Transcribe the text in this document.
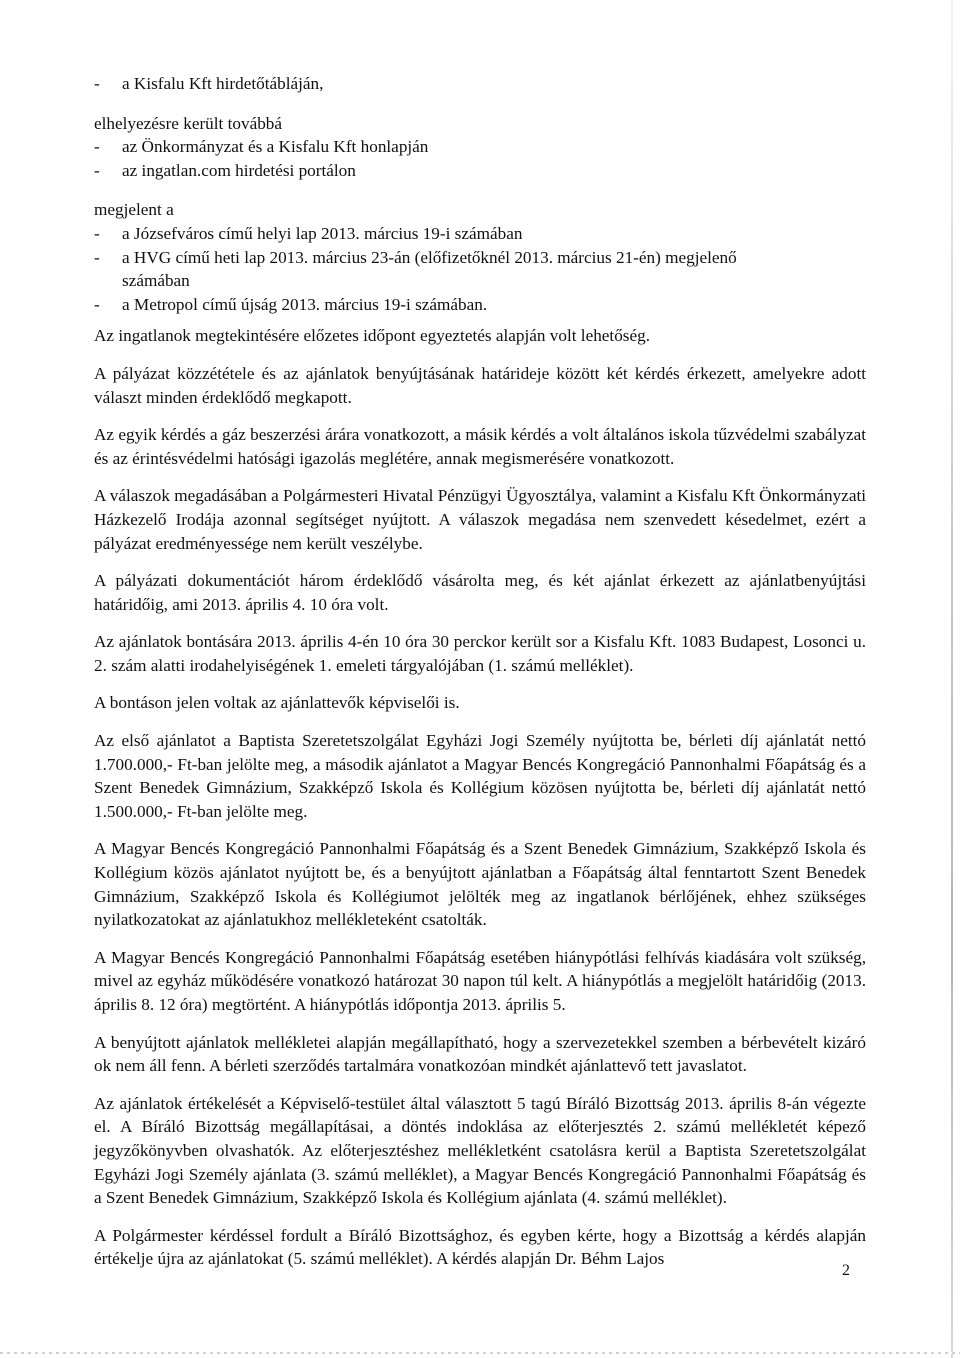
- a Kisfalu Kft hirdetőtábláján,
elhelyezésre került továbbá
- az Önkormányzat és a Kisfalu Kft honlapján
- az ingatlan.com hirdetési portálon
megjelent a
- a Józsefváros című helyi lap 2013. március 19-i számában
- a HVG című heti lap 2013. március 23-án (előfizetőknél 2013. március 21-én) megjelenő
számában
- a Metropol című újság 2013. március 19-i számában.

Az ingatlanok megtekintésére előzetes időpont egyeztetés alapján volt lehetőség.

A pályázat közzététele és az ajánlatok benyújtásának határideje között két kérdés érkezett, amelyekre adott választ minden érdeklődő megkapott.

Az egyik kérdés a gáz beszerzési árára vonatkozott, a másik kérdés a volt általános iskola tűzvédelmi szabályzat és az érintésvédelmi hatósági igazolás meglétére, annak megismerésére vonatkozott.

A válaszok megadásában a Polgármesteri Hivatal Pénzügyi Ügyosztálya, valamint a Kisfalu Kft Önkormányzati Házkezelő Irodája azonnal segítséget nyújtott. A válaszok megadása nem szenvedett késedelmet, ezért a pályázat eredményessége nem került veszélybe.

A pályázati dokumentációt három érdeklődő vásárolta meg, és két ajánlat érkezett az ajánlatbenyújtási határidőig, ami 2013. április 4. 10 óra volt.

Az ajánlatok bontására 2013. április 4-én 10 óra 30 perckor került sor a Kisfalu Kft. 1083 Budapest, Losonci u. 2. szám alatti irodahelyiségének 1. emeleti tárgyalójában (1. számú melléklet).

A bontáson jelen voltak az ajánlattevők képviselői is.

Az első ajánlatot a Baptista Szeretetszolgálat Egyházi Jogi Személy nyújtotta be, bérleti díj ajánlatát nettó 1.700.000,- Ft-ban jelölte meg, a második ajánlatot a Magyar Bencés Kongregáció Pannonhalmi Főapátság és a Szent Benedek Gimnázium, Szakképző Iskola és Kollégium közösen nyújtotta be, bérleti díj ajánlatát nettó 1.500.000,- Ft-ban jelölte meg.

A Magyar Bencés Kongregáció Pannonhalmi Főapátság és a Szent Benedek Gimnázium, Szakképző Iskola és Kollégium közös ajánlatot nyújtott be, és a benyújtott ajánlatban a Főapátság által fenntartott Szent Benedek Gimnázium, Szakképző Iskola és Kollégiumot jelölték meg az ingatlanok bérlőjének, ehhez szükséges nyilatkozatokat az ajánlatukhoz mellékleteként csatolták.

A Magyar Bencés Kongregáció Pannonhalmi Főapátság esetében hiánypótlási felhívás kiadására volt szükség, mivel az egyház működésére vonatkozó határozat 30 napon túl kelt. A hiánypótlás a megjelölt határidőig (2013. április 8. 12 óra) megtörtént. A hiánypótlás időpontja 2013. április 5.

A benyújtott ajánlatok mellékletei alapján megállapítható, hogy a szervezetekkel szemben a bérbevételt kizáró ok nem áll fenn. A bérleti szerződés tartalmára vonatkozóan mindkét ajánlattevő tett javaslatot.

Az ajánlatok értékelését a Képviselő-testület által választott 5 tagú Bíráló Bizottság 2013. április 8-án végezte el. A Bíráló Bizottság megállapításai, a döntés indoklása az előterjesztés 2. számú mellékletét képező jegyzőkönyvben olvashatók. Az előterjesztéshez mellékletként csatolásra kerül a Baptista Szeretetszolgálat Egyházi Jogi Személy ajánlata (3. számú melléklet), a Magyar Bencés Kongregáció Pannonhalmi Főapátság és a Szent Benedek Gimnázium, Szakképző Iskola és Kollégium ajánlata (4. számú melléklet).

A Polgármester kérdéssel fordult a Bíráló Bizottsághoz, és egyben kérte, hogy a Bizottság a kérdés alapján értékelje újra az ajánlatokat (5. számú melléklet). A kérdés alapján Dr. Béhm Lajos

2
